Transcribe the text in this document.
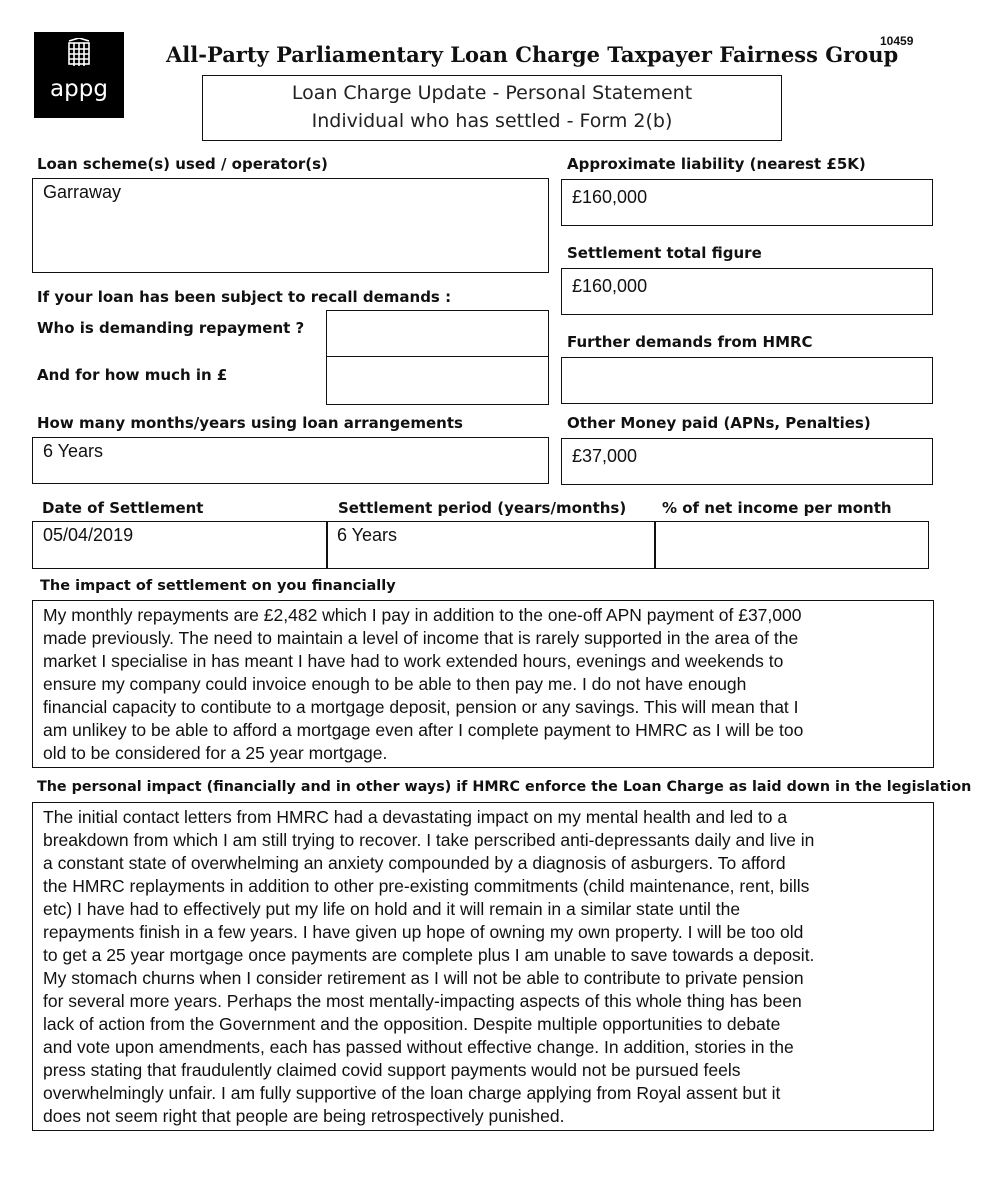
appg
All-Party Parliamentary Loan Charge Taxpayer Fairness Group
10459
Loan Charge Update - Personal Statement
Individual who has settled - Form 2(b)
Loan scheme(s) used / operator(s)
Garraway
Approximate liability (nearest £5K)
£160,000
Settlement total figure
£160,000
If your loan has been subject to recall demands :
Who is demanding repayment ?
And for how much in £
Further demands from HMRC
How many months/years using loan arrangements
6 Years
Other Money paid (APNs, Penalties)
£37,000
Date of Settlement	Settlement period (years/months) % of net income per month
05/04/2019	6 Years
The impact of settlement on you financially
My monthly repayments are £2,482 which I pay in addition to the one-off APN payment of £37,000
made previously. The need to maintain a level of income that is rarely supported in the area of the
market I specialise in has meant I have had to work extended hours, evenings and weekends to
ensure my company could invoice enough to be able to then pay me. I do not have enough
financial capacity to contibute to a mortgage deposit, pension or any savings. This will mean that I
am unlikey to be able to afford a mortgage even after I complete payment to HMRC as I will be too
old to be considered for a 25 year mortgage.
The personal impact (financially and in other ways) if HMRC enforce the Loan Charge as laid down in the legislation
The initial contact letters from HMRC had a devastating impact on my mental health and led to a
breakdown from which I am still trying to recover. I take perscribed anti-depressants daily and live in
a constant state of overwhelming an anxiety compounded by a diagnosis of asburgers. To afford
the HMRC replayments in addition to other pre-existing commitments (child maintenance, rent, bills
etc) I have had to effectively put my life on hold and it will remain in a similar state until the
repayments finish in a few years. I have given up hope of owning my own property. I will be too old
to get a 25 year mortgage once payments are complete plus I am unable to save towards a deposit.
My stomach churns when I consider retirement as I will not be able to contribute to private pension
for several more years. Perhaps the most mentally-impacting aspects of this whole thing has been
lack of action from the Government and the opposition. Despite multiple opportunities to debate
and vote upon amendments, each has passed without effective change. In addition, stories in the
press stating that fraudulently claimed covid support payments would not be pursued feels
overwhelmingly unfair. I am fully supportive of the loan charge applying from Royal assent but it
does not seem right that people are being retrospectively punished.
